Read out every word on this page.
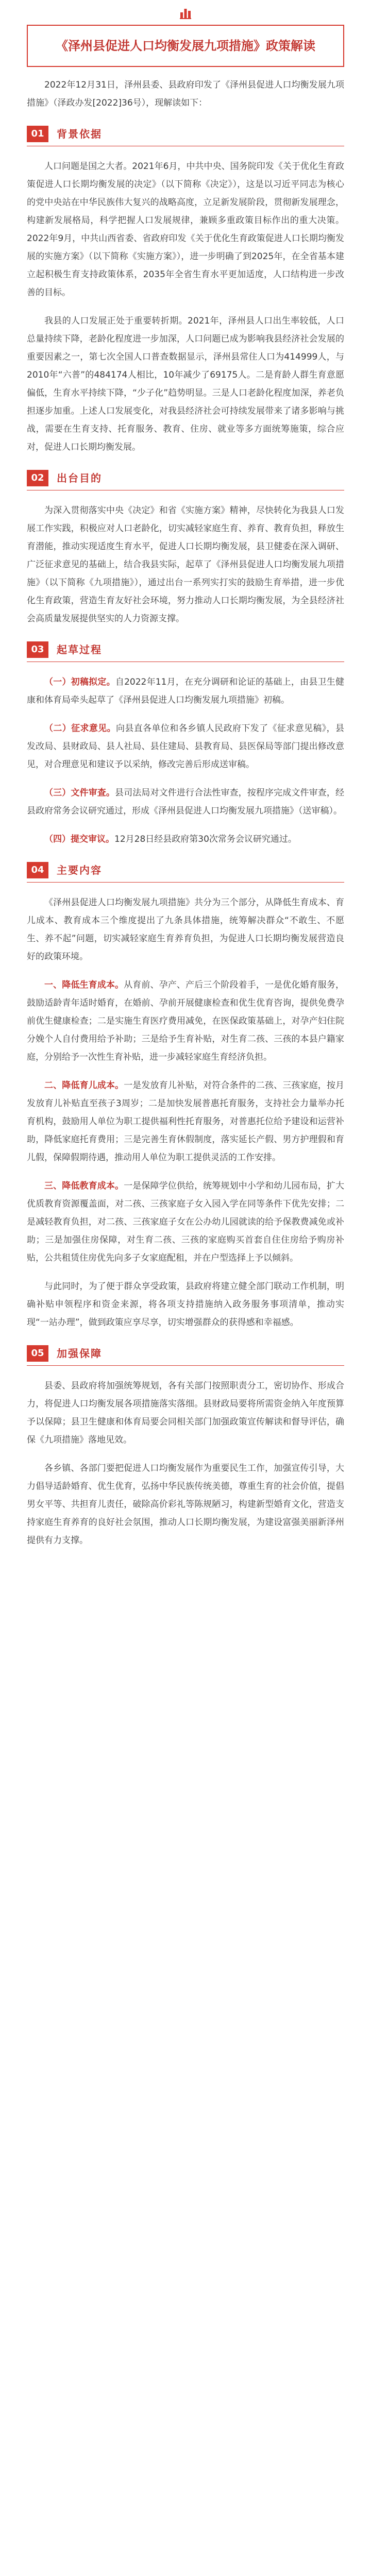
《泽州县促进人口均衡发展九项措施》政策解读

2022年12月31日，泽州县委、县政府印发了《泽州县促进人口均衡发展九项措施》（泽政办发[2022]36号），现解读如下：

01 背景依据

人口问题是国之大者。2021年6月，中共中央、国务院印发《关于优化生育政策促进人口长期均衡发展的决定》（以下简称《决定》），这是以习近平同志为核心的党中央站在中华民族伟大复兴的战略高度，立足新发展阶段，贯彻新发展理念，构建新发展格局，科学把握人口发展规律，兼顾多重政策目标作出的重大决策。2022年9月，中共山西省委、省政府印发《关于优化生育政策促进人口长期均衡发展的实施方案》（以下简称《实施方案》），进一步明确了到2025年，在全省基本建立起积极生育支持政策体系，2035年全省生育水平更加适度，人口结构进一步改善的目标。

我县的人口发展正处于重要转折期。2021年，泽州县人口出生率较低，人口总量持续下降，老龄化程度进一步加深，人口问题已成为影响我县经济社会发展的重要因素之一，第七次全国人口普查数据显示，泽州县常住人口为414999人，与2010年“六普”的484174人相比，10年减少了69175人。二是育龄人群生育意愿偏低，生育水平持续下降，“少子化”趋势明显。三是人口老龄化程度加深，养老负担逐步加重。上述人口发展变化，对我县经济社会可持续发展带来了诸多影响与挑战，需要在生育支持、托育服务、教育、住房、就业等多方面统筹施策，综合应对，促进人口长期均衡发展。

02 出台目的

为深入贯彻落实中央《决定》和省《实施方案》精神，尽快转化为我县人口发展工作实践，积极应对人口老龄化，切实减轻家庭生育、养育、教育负担，释放生育潜能，推动实现适度生育水平，促进人口长期均衡发展，县卫健委在深入调研、广泛征求意见的基础上，结合我县实际，起草了《泽州县促进人口均衡发展九项措施》（以下简称《九项措施》），通过出台一系列实打实的鼓励生育举措，进一步优化生育政策，营造生育友好社会环境，努力推动人口长期均衡发展，为全县经济社会高质量发展提供坚实的人力资源支撑。

03 起草过程

（一）初稿拟定。自2022年11月，在充分调研和论证的基础上，由县卫生健康和体育局牵头起草了《泽州县促进人口均衡发展九项措施》初稿。

（二）征求意见。向县直各单位和各乡镇人民政府下发了《征求意见稿》，县发改局、县财政局、县人社局、县住建局、县教育局、县医保局等部门提出修改意见，对合理意见和建议予以采纳，修改完善后形成送审稿。

（三）文件审查。县司法局对文件进行合法性审查，按程序完成文件审查，经县政府常务会议研究通过，形成《泽州县促进人口均衡发展九项措施》（送审稿）。

（四）提交审议。12月28日经县政府第30次常务会议研究通过。

04 主要内容

《泽州县促进人口均衡发展九项措施》共分为三个部分，从降低生育成本、育儿成本、教育成本三个维度提出了九条具体措施，统筹解决群众“不敢生、不愿生、养不起”问题，切实减轻家庭生育养育负担，为促进人口长期均衡发展营造良好的政策环境。

一、降低生育成本。从育前、孕产、产后三个阶段着手，一是优化婚育服务，鼓励适龄青年适时婚育，在婚前、孕前开展健康检查和优生优育咨询，提供免费孕前优生健康检查；二是实施生育医疗费用减免，在医保政策基础上，对孕产妇住院分娩个人自付费用给予补助；三是给予生育补贴，对生育二孩、三孩的本县户籍家庭，分别给予一次性生育补贴，进一步减轻家庭生育经济负担。

二、降低育儿成本。一是发放育儿补贴，对符合条件的二孩、三孩家庭，按月发放育儿补贴直至孩子3周岁；二是加快发展普惠托育服务，支持社会力量举办托育机构，鼓励用人单位为职工提供福利性托育服务，对普惠托位给予建设和运营补助，降低家庭托育费用；三是完善生育休假制度，落实延长产假、男方护理假和育儿假，保障假期待遇，推动用人单位为职工提供灵活的工作安排。

三、降低教育成本。一是保障学位供给，统筹规划中小学和幼儿园布局，扩大优质教育资源覆盖面，对二孩、三孩家庭子女入园入学在同等条件下优先安排；二是减轻教育负担，对二孩、三孩家庭子女在公办幼儿园就读的给予保教费减免或补助；三是加强住房保障，对生育二孩、三孩的家庭购买首套自住住房给予购房补贴，公共租赁住房优先向多子女家庭配租，并在户型选择上予以倾斜。

与此同时，为了便于群众享受政策，县政府将建立健全部门联动工作机制，明确补贴申领程序和资金来源，将各项支持措施纳入政务服务事项清单，推动实现“一站办理”，做到政策应享尽享，切实增强群众的获得感和幸福感。

05 加强保障

县委、县政府将加强统筹规划，各有关部门按照职责分工，密切协作、形成合力，将促进人口均衡发展各项措施落实落细。县财政局要将所需资金纳入年度预算予以保障；县卫生健康和体育局要会同相关部门加强政策宣传解读和督导评估，确保《九项措施》落地见效。

各乡镇、各部门要把促进人口均衡发展作为重要民生工作，加强宣传引导，大力倡导适龄婚育、优生优育，弘扬中华民族传统美德，尊重生育的社会价值，提倡男女平等、共担育儿责任，破除高价彩礼等陈规陋习，构建新型婚育文化，营造支持家庭生育养育的良好社会氛围，推动人口长期均衡发展，为建设富强美丽新泽州提供有力支撑。
